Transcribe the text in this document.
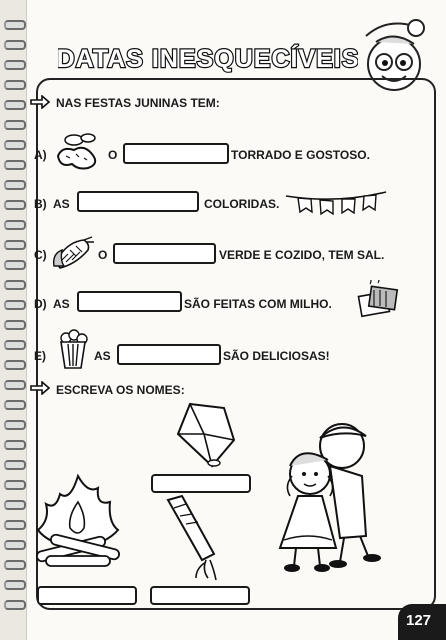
DATAS INESQUECÍVEIS
NAS FESTAS JUNINAS TEM:
A)	O	TORRADO E GOSTOSO.
B) AS	COLORIDAS.
C)	O	VERDE E COZIDO, TEM SAL.
D) AS	SÃO FEITAS COM MILHO.
E)	AS	SÃO DELICIOSAS!
ESCREVA OS NOMES:
127
